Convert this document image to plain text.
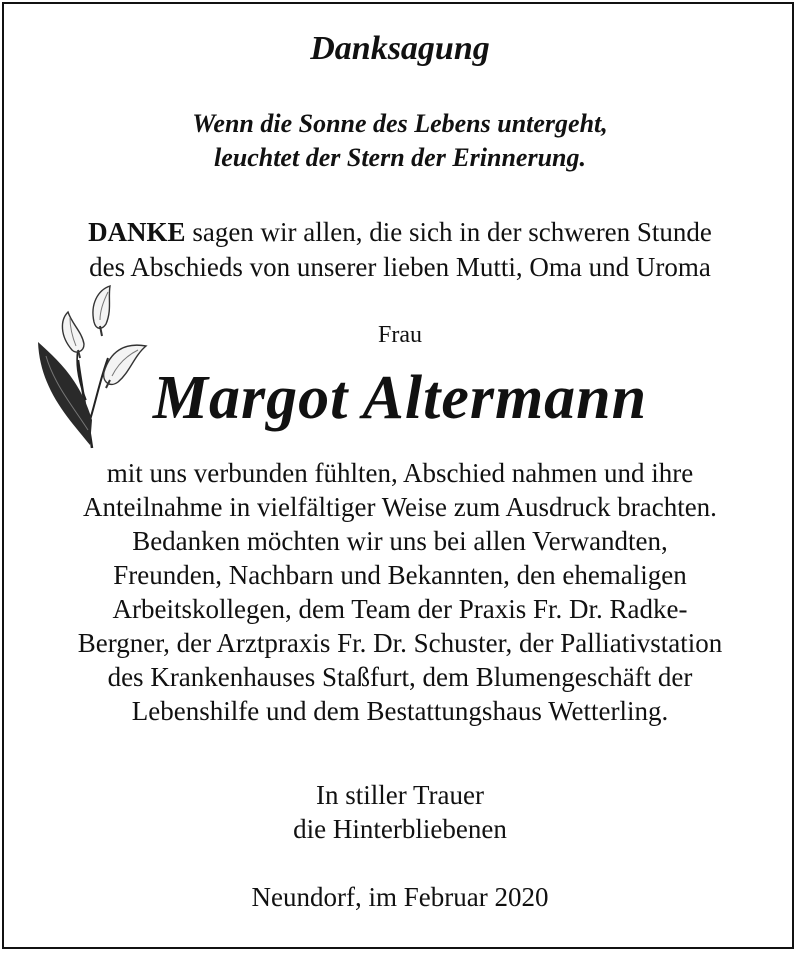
Danksagung
Wenn die Sonne des Lebens untergeht,
leuchtet der Stern der Erinnerung.
DANKE sagen wir allen, die sich in der schweren Stunde
des Abschieds von unserer lieben Mutti, Oma und Uroma
Frau
Margot Altermann
mit uns verbunden fühlten, Abschied nahmen und ihre
Anteilnahme in vielfältiger Weise zum Ausdruck brachten.
Bedanken möchten wir uns bei allen Verwandten,
Freunden, Nachbarn und Bekannten, den ehemaligen
Arbeitskollegen, dem Team der Praxis Fr. Dr. Radke-
Bergner, der Arztpraxis Fr. Dr. Schuster, der Palliativstation
des Krankenhauses Staßfurt, dem Blumengeschäft der
Lebenshilfe und dem Bestattungshaus Wetterling.
In stiller Trauer
die Hinterbliebenen
Neundorf, im Februar 2020
